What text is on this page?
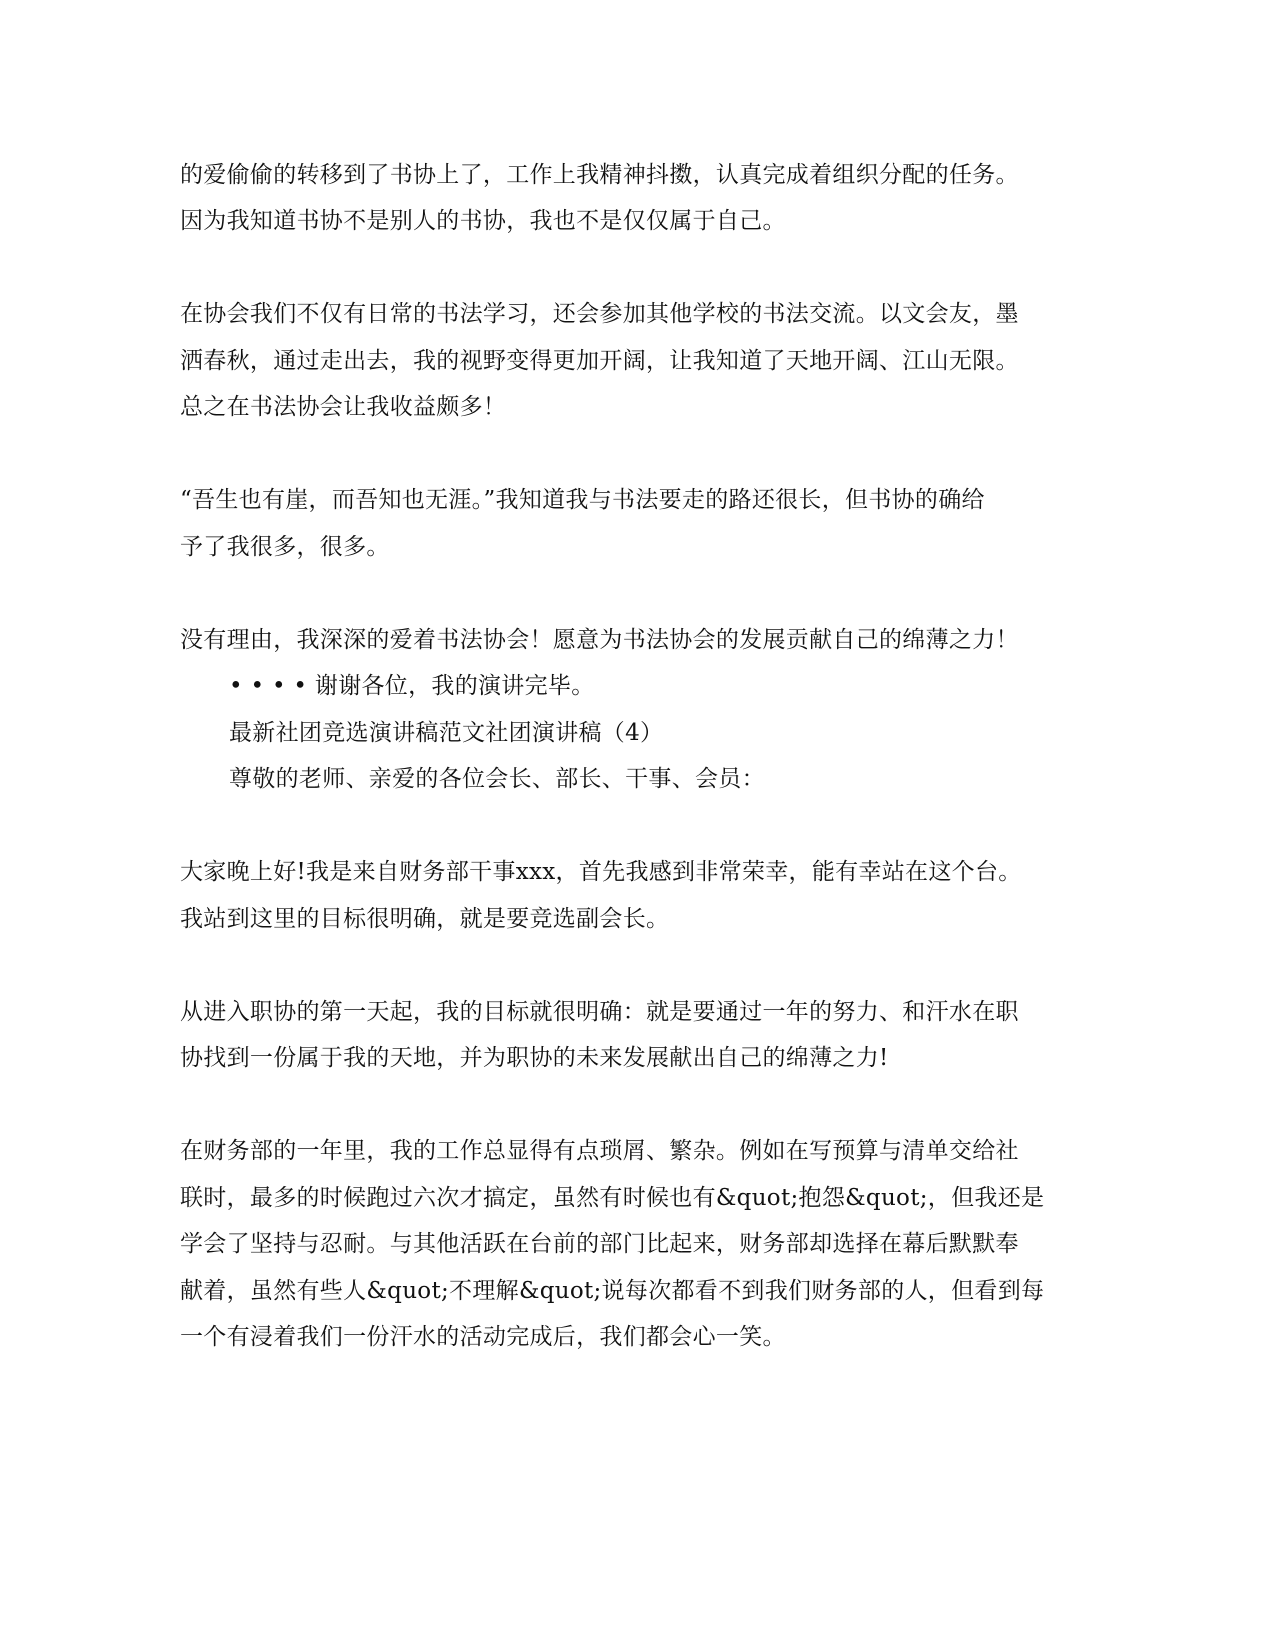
的爱偷偷的转移到了书协上了，工作上我精神抖擞，认真完成着组织分配的任务。
因为我知道书协不是别人的书协，我也不是仅仅属于自己。
在协会我们不仅有日常的书法学习，还会参加其他学校的书法交流。以文会友，墨
洒春秋，通过走出去，我的视野变得更加开阔，让我知道了天地开阔、江山无限。
总之在书法协会让我收益颇多！
“吾生也有崖，而吾知也无涯。”我知道我与书法要走的路还很长，但书协的确给
予了我很多，很多。
没有理由，我深深的爱着书法协会！愿意为书法协会的发展贡献自己的绵薄之力！
• • • • 谢谢各位，我的演讲完毕。
最新社团竞选演讲稿范文社团演讲稿（4）
尊敬的老师、亲爱的各位会长、部长、干事、会员：
大家晚上好!我是来自财务部干事xxx，首先我感到非常荣幸，能有幸站在这个台。
我站到这里的目标很明确，就是要竞选副会长。
从进入职协的第一天起，我的目标就很明确：就是要通过一年的努力、和汗水在职
协找到一份属于我的天地，并为职协的未来发展献出自己的绵薄之力!
在财务部的一年里，我的工作总显得有点琐屑、繁杂。例如在写预算与清单交给社
联时，最多的时候跑过六次才搞定，虽然有时候也有&quot;抱怨&quot;，但我还是
学会了坚持与忍耐。与其他活跃在台前的部门比起来，财务部却选择在幕后默默奉
献着，虽然有些人&quot;不理解&quot;说每次都看不到我们财务部的人，但看到每
一个有浸着我们一份汗水的活动完成后，我们都会心一笑。
